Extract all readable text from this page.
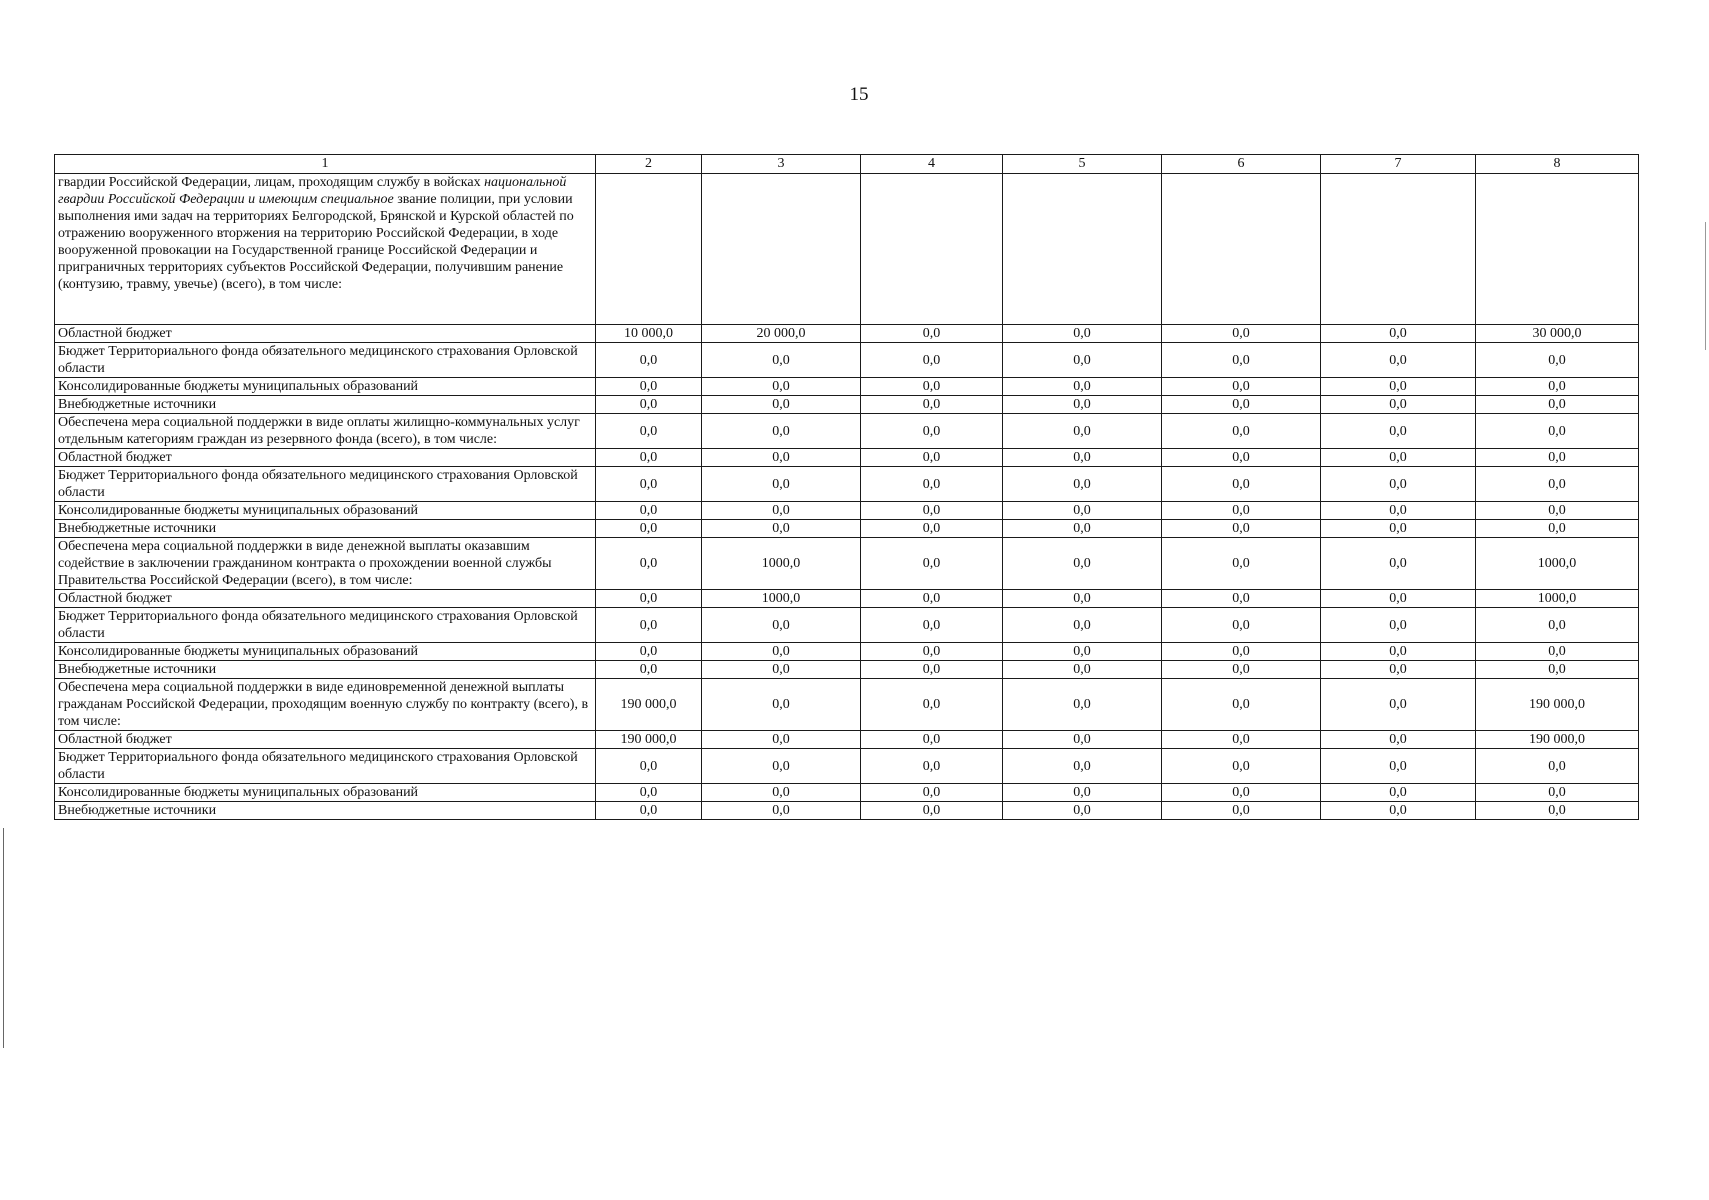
15
1	2	3	4	5	6	7	8
гвардии Российской Федерации, лицам, проходящим службу в войсках национальной гвардии Российской Федерации и имеющим специальное звание полиции, при условии выполнения ими задач на территориях Белгородской, Брянской и Курской областей по отражению вооруженного вторжения на территорию Российской Федерации, в ходе вооруженной провокации на Государственной границе Российской Федерации и приграничных территориях субъектов Российской Федерации, получившим ранение (контузию, травму, увечье) (всего), в том числе:							
Областной бюджет	10 000,0	20 000,0	0,0	0,0	0,0	0,0	30 000,0
Бюджет Территориального фонда обязательного медицинского страхования Орловской области	0,0	0,0	0,0	0,0	0,0	0,0	0,0
Консолидированные бюджеты муниципальных образований	0,0	0,0	0,0	0,0	0,0	0,0	0,0
Внебюджетные источники	0,0	0,0	0,0	0,0	0,0	0,0	0,0
Обеспечена мера социальной поддержки в виде оплаты жилищно-коммунальных услуг отдельным категориям граждан из резервного фонда (всего), в том числе:	0,0	0,0	0,0	0,0	0,0	0,0	0,0
Областной бюджет	0,0	0,0	0,0	0,0	0,0	0,0	0,0
Бюджет Территориального фонда обязательного медицинского страхования Орловской области	0,0	0,0	0,0	0,0	0,0	0,0	0,0
Консолидированные бюджеты муниципальных образований	0,0	0,0	0,0	0,0	0,0	0,0	0,0
Внебюджетные источники	0,0	0,0	0,0	0,0	0,0	0,0	0,0
Обеспечена мера социальной поддержки в виде денежной выплаты оказавшим содействие в заключении гражданином контракта о прохождении военной службы Правительства Российской Федерации (всего), в том числе:	0,0	1000,0	0,0	0,0	0,0	0,0	1000,0
Областной бюджет	0,0	1000,0	0,0	0,0	0,0	0,0	1000,0
Бюджет Территориального фонда обязательного медицинского страхования Орловской области	0,0	0,0	0,0	0,0	0,0	0,0	0,0
Консолидированные бюджеты муниципальных образований	0,0	0,0	0,0	0,0	0,0	0,0	0,0
Внебюджетные источники	0,0	0,0	0,0	0,0	0,0	0,0	0,0
Обеспечена мера социальной поддержки в виде единовременной денежной выплаты гражданам Российской Федерации, проходящим военную службу по контракту (всего), в том числе:	190 000,0	0,0	0,0	0,0	0,0	0,0	190 000,0
Областной бюджет	190 000,0	0,0	0,0	0,0	0,0	0,0	190 000,0
Бюджет Территориального фонда обязательного медицинского страхования Орловской области	0,0	0,0	0,0	0,0	0,0	0,0	0,0
Консолидированные бюджеты муниципальных образований	0,0	0,0	0,0	0,0	0,0	0,0	0,0
Внебюджетные источники	0,0	0,0	0,0	0,0	0,0	0,0	0,0
